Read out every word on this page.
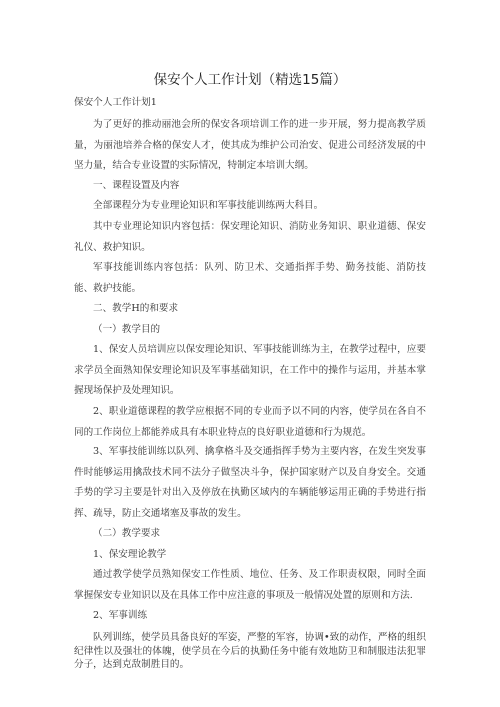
保安个人工作计划（精选15篇）

保安个人工作计划1

为了更好的推动丽池会所的保安各项培训工作的进一步开展，努力提高教学质量，为丽池培养合格的保安人才，使其成为维护公司治安、促进公司经济发展的中坚力量，结合专业设置的实际情况，特制定本培训大纲。

一、课程设置及内容

全部课程分为专业理论知识和军事技能训练两大科目。

其中专业理论知识内容包括：保安理论知识、消防业务知识、职业道德、保安礼仪、救护知识。

军事技能训练内容包括：队列、防卫术、交通指挥手势、勤务技能、消防技能、救护技能。

二、教学H的和要求

（一）教学目的

1、保安人员培训应以保安理论知识、军事技能训练为主，在教学过程中，应要求学员全面熟知保安理论知识及军事基础知识，在工作中的操作与运用，并基本掌握现场保护及处理知识。

2、职业道德课程的教学应根据不同的专业而予以不同的内容，使学员在各自不同的工作岗位上都能养成具有本职业特点的良好职业道德和行为规范。

3、军事技能训练以队列、擒拿格斗及交通指挥手势为主要内容，在发生突发事件时能够运用擒敌技术同不法分子做坚决斗争，保护国家财产以及自身安全。交通手势的学习主要是针对出入及停放在执勤区域内的车辆能够运用正确的手势进行指挥、疏导，防止交通堵塞及事故的发生。

（二）教学要求

1、保安理论教学

通过教学使学员熟知保安工作性质、地位、任务、及工作职责权限，同时全面掌握保安专业知识以及在具体工作中应注意的事项及一般情况处置的原则和方法.

2、军事训练

队列训练，使学员具备良好的军姿，严整的军容，协调•致的动作，严格的组织纪律性以及强壮的体魄，使学员在今后的执勤任务中能有效地防卫和制服违法犯罪分子，达到克敌制胜目的。
